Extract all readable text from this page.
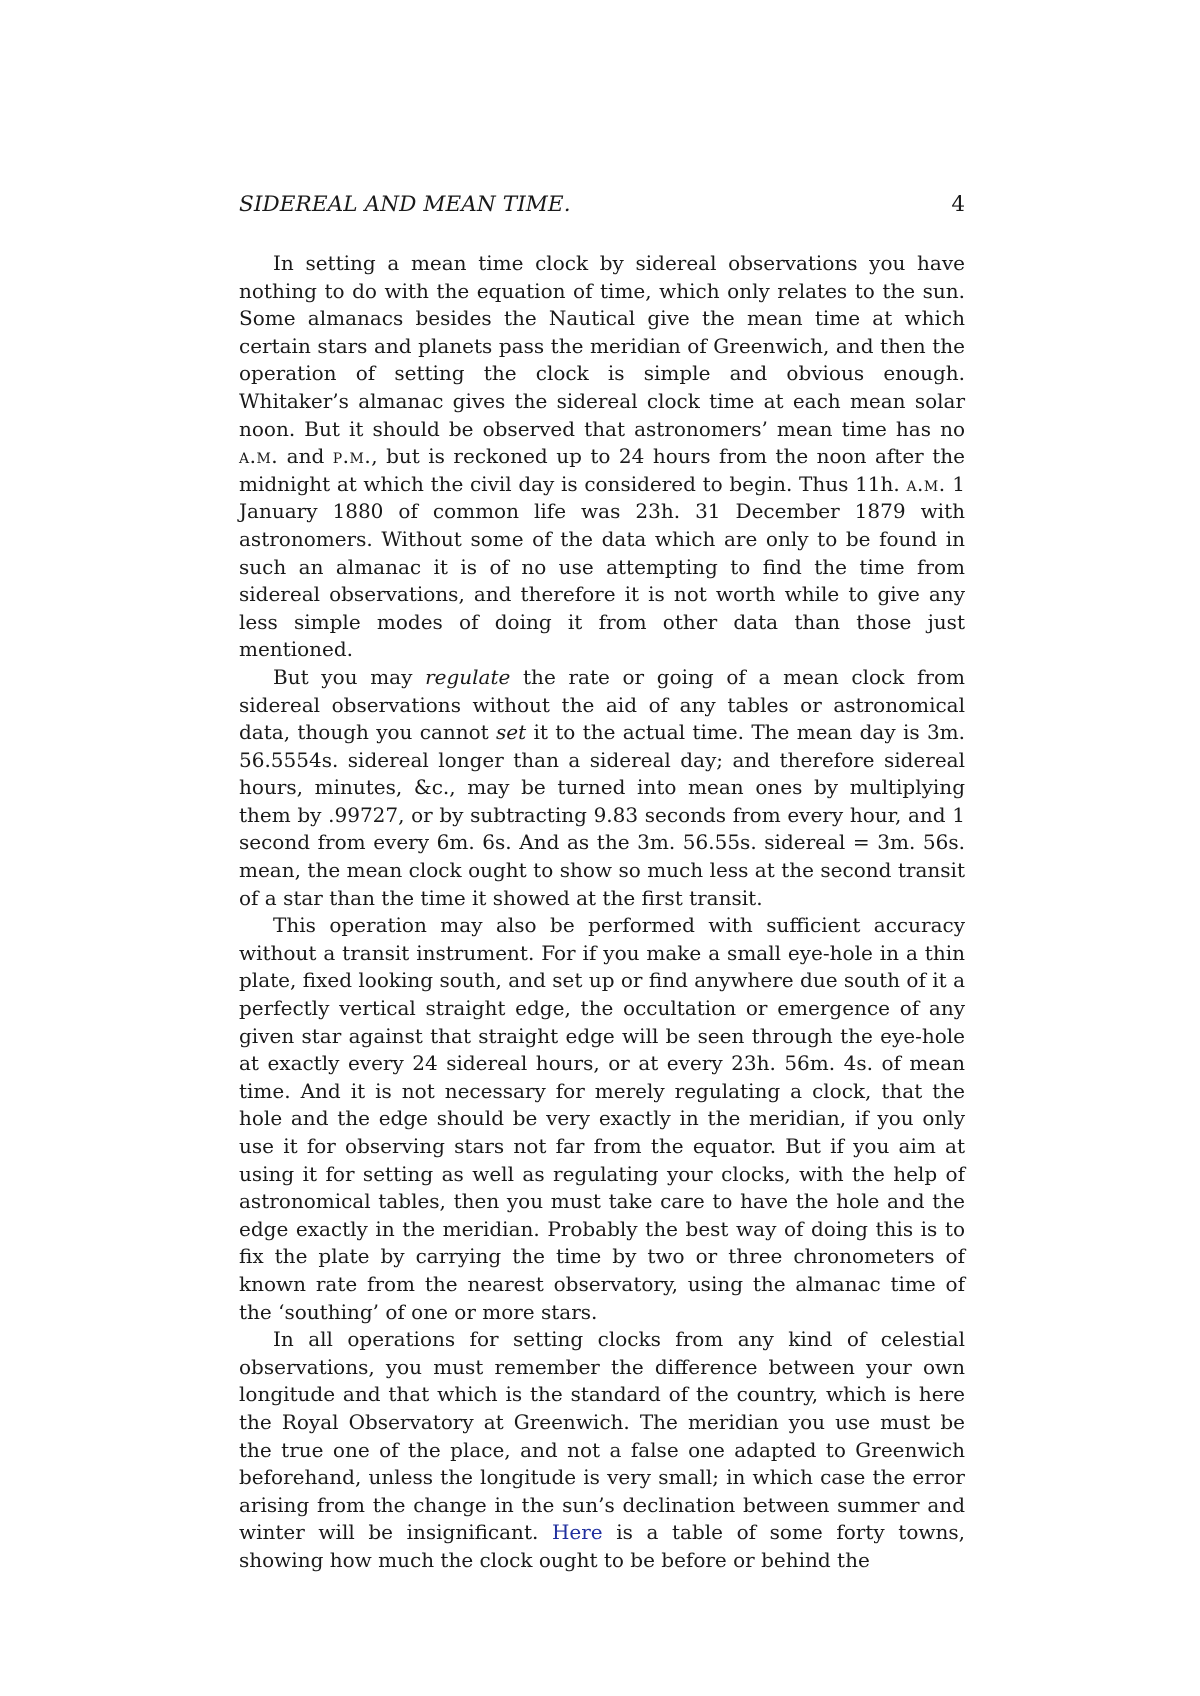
SIDEREAL AND MEAN TIME.	4

In setting a mean time clock by sidereal observations you have nothing to do with the equation of time, which only relates to the sun. Some almanacs besides the Nautical give the mean time at which certain stars and planets pass the meridian of Greenwich, and then the operation of setting the clock is simple and obvious enough. Whitaker’s almanac gives the sidereal clock time at each mean solar noon. But it should be observed that astronomers’ mean time has no a.m. and p.m., but is reckoned up to 24 hours from the noon after the midnight at which the civil day is considered to begin. Thus 11h. a.m. 1 January 1880 of common life was 23h. 31 December 1879 with astronomers. Without some of the data which are only to be found in such an almanac it is of no use attempting to find the time from sidereal observations, and therefore it is not worth while to give any less simple modes of doing it from other data than those just mentioned.

But you may regulate the rate or going of a mean clock from sidereal observations without the aid of any tables or astronomical data, though you cannot set it to the actual time. The mean day is 3m. 56.5554s. sidereal longer than a sidereal day; and therefore sidereal hours, minutes, &c., may be turned into mean ones by multiplying them by .99727, or by subtracting 9.83 seconds from every hour, and 1 second from every 6m. 6s. And as the 3m. 56.55s. sidereal = 3m. 56s. mean, the mean clock ought to show so much less at the second transit of a star than the time it showed at the first transit.

This operation may also be performed with sufficient accuracy without a transit instrument. For if you make a small eye-hole in a thin plate, fixed looking south, and set up or find anywhere due south of it a perfectly vertical straight edge, the occultation or emergence of any given star against that straight edge will be seen through the eye-hole at exactly every 24 sidereal hours, or at every 23h. 56m. 4s. of mean time. And it is not necessary for merely regulating a clock, that the hole and the edge should be very exactly in the meridian, if you only use it for observing stars not far from the equator. But if you aim at using it for setting as well as regulating your clocks, with the help of astronomical tables, then you must take care to have the hole and the edge exactly in the meridian. Probably the best way of doing this is to fix the plate by carrying the time by two or three chronometers of known rate from the nearest observatory, using the almanac time of the ‘southing’ of one or more stars.

In all operations for setting clocks from any kind of celestial observations, you must remember the difference between your own longitude and that which is the standard of the country, which is here the Royal Observatory at Greenwich. The meridian you use must be the true one of the place, and not a false one adapted to Greenwich beforehand, unless the longitude is very small; in which case the error arising from the change in the sun’s declination between summer and winter will be insignificant. Here is a table of some forty towns, showing how much the clock ought to be before or behind the
